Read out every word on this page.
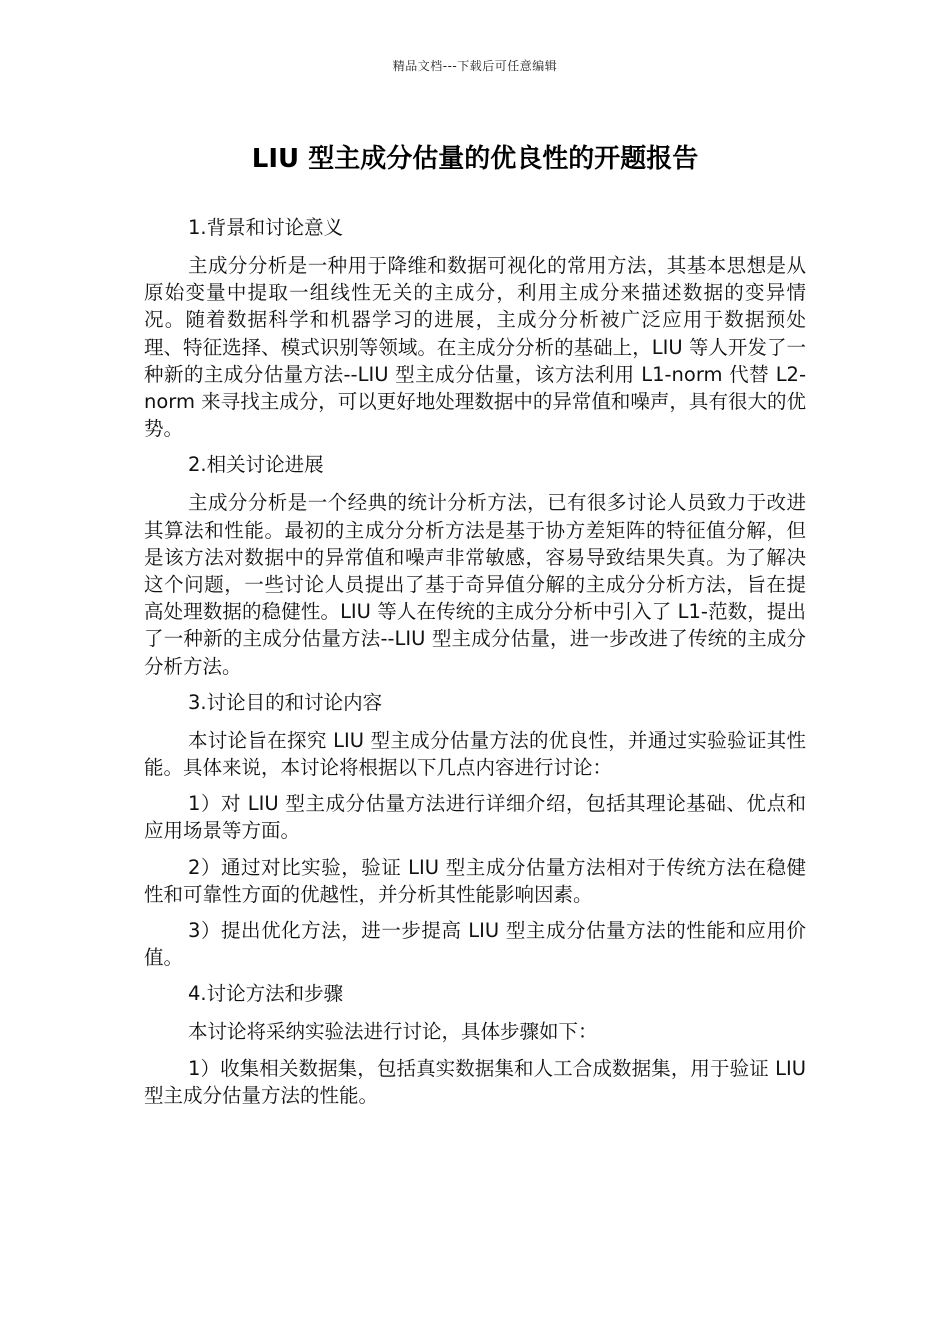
精品文档---下载后可任意编辑
LIU 型主成分估量的优良性的开题报告
1.背景和讨论意义
主成分分析是一种用于降维和数据可视化的常用方法，其基本思想是从原始变量中提取一组线性无关的主成分，利用主成分来描述数据的变异情况。随着数据科学和机器学习的进展，主成分分析被广泛应用于数据预处理、特征选择、模式识别等领域。在主成分分析的基础上，LIU 等人开发了一种新的主成分估量方法--LIU 型主成分估量，该方法利用 L1-norm 代替 L2-norm 来寻找主成分，可以更好地处理数据中的异常值和噪声，具有很大的优势。
2.相关讨论进展
主成分分析是一个经典的统计分析方法，已有很多讨论人员致力于改进其算法和性能。最初的主成分分析方法是基于协方差矩阵的特征值分解，但是该方法对数据中的异常值和噪声非常敏感，容易导致结果失真。为了解决这个问题，一些讨论人员提出了基于奇异值分解的主成分分析方法，旨在提高处理数据的稳健性。LIU 等人在传统的主成分分析中引入了 L1-范数，提出了一种新的主成分估量方法--LIU 型主成分估量，进一步改进了传统的主成分分析方法。
3.讨论目的和讨论内容
本讨论旨在探究 LIU 型主成分估量方法的优良性，并通过实验验证其性能。具体来说，本讨论将根据以下几点内容进行讨论：
1）对 LIU 型主成分估量方法进行详细介绍，包括其理论基础、优点和应用场景等方面。
2）通过对比实验，验证 LIU 型主成分估量方法相对于传统方法在稳健性和可靠性方面的优越性，并分析其性能影响因素。
3）提出优化方法，进一步提高 LIU 型主成分估量方法的性能和应用价值。
4.讨论方法和步骤
本讨论将采纳实验法进行讨论，具体步骤如下：
1）收集相关数据集，包括真实数据集和人工合成数据集，用于验证 LIU 型主成分估量方法的性能。
